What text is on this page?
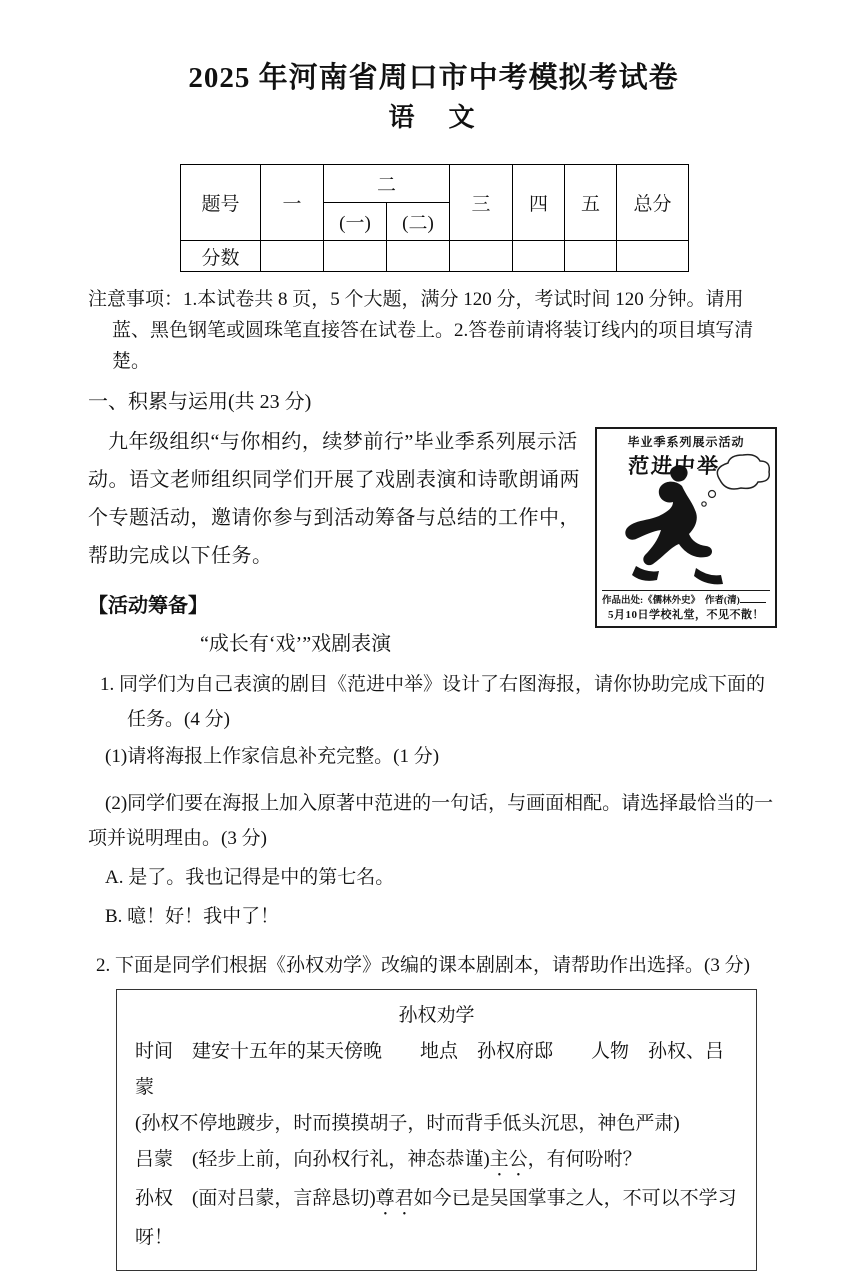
2025 年河南省周口市中考模拟考试卷
语　文
题号	一	二		三	四	五	总分
		(一)	(二)				
分数							
注意事项：1.本试卷共 8 页，5 个大题，满分 120 分，考试时间 120 分钟。请用蓝、黑色钢笔或圆珠笔直接答在试卷上。2.答卷前请将装订线内的项目填写清楚。
一、积累与运用(共 23 分)
毕业季系列展示活动
范进中举
作品出处:《儒林外史》　作者(清)
5月10日学校礼堂，不见不散！
九年级组织“与你相约，续梦前行”毕业季系列展示活动。语文老师组织同学们开展了戏剧表演和诗歌朗诵两个专题活动，邀请你参与到活动筹备与总结的工作中，帮助完成以下任务。
【活动筹备】
“成长有‘戏’”戏剧表演
1. 同学们为自己表演的剧目《范进中举》设计了右图海报，请你协助完成下面的任务。(4 分)
(1)请将海报上作家信息补充完整。(1 分)
(2)同学们要在海报上加入原著中范进的一句话，与画面相配。请选择最恰当的一项并说明理由。(3 分)
A. 是了。我也记得是中的第七名。
B. 噫！好！我中了！
2. 下面是同学们根据《孙权劝学》改编的课本剧剧本，请帮助作出选择。(3 分)
孙权劝学
时间　建安十五年的某天傍晚　　地点　孙权府邸　　人物　孙权、吕蒙
(孙权不停地踱步，时而摸摸胡子，时而背手低头沉思，神色严肃)
吕蒙　(轻步上前，向孙权行礼，神态恭谨)主公，有何吩咐？
孙权　(面对吕蒙，言辞恳切)尊君如今已是吴国掌事之人，不可以不学习呀！
